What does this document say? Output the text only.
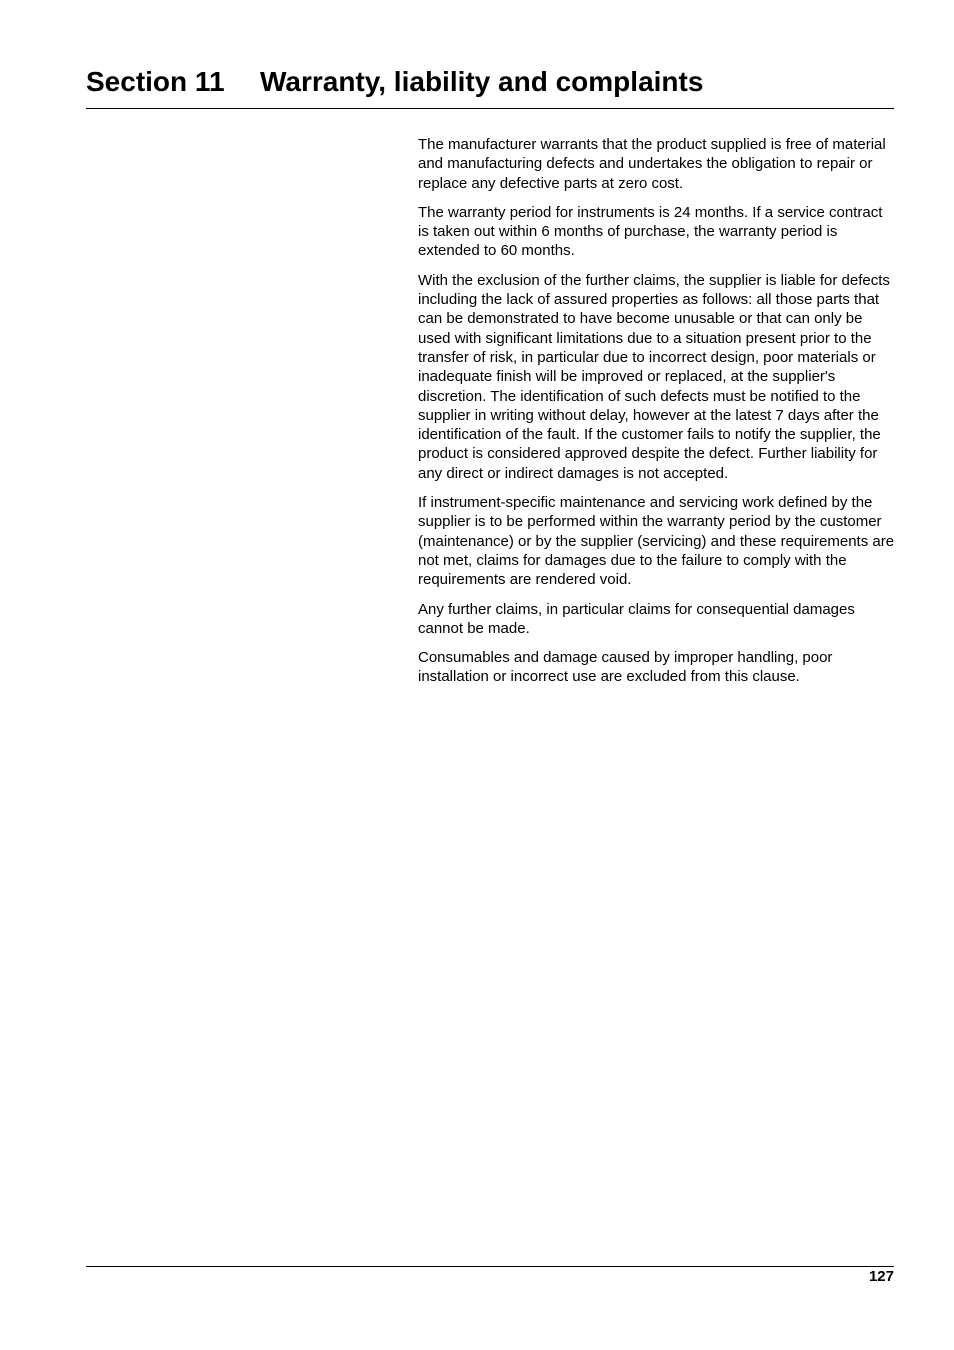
Section 11 Warranty, liability and complaints

The manufacturer warrants that the product supplied is free of material and manufacturing defects and undertakes the obligation to repair or replace any defective parts at zero cost.

The warranty period for instruments is 24 months. If a service contract is taken out within 6 months of purchase, the warranty period is extended to 60 months.

With the exclusion of the further claims, the supplier is liable for defects including the lack of assured properties as follows: all those parts that can be demonstrated to have become unusable or that can only be used with significant limitations due to a situation present prior to the transfer of risk, in particular due to incorrect design, poor materials or inadequate finish will be improved or replaced, at the supplier's discretion. The identification of such defects must be notified to the supplier in writing without delay, however at the latest 7 days after the identification of the fault. If the customer fails to notify the supplier, the product is considered approved despite the defect. Further liability for any direct or indirect damages is not accepted.

If instrument-specific maintenance and servicing work defined by the supplier is to be performed within the warranty period by the customer (maintenance) or by the supplier (servicing) and these requirements are not met, claims for damages due to the failure to comply with the requirements are rendered void.

Any further claims, in particular claims for consequential damages cannot be made.

Consumables and damage caused by improper handling, poor installation or incorrect use are excluded from this clause.

127
